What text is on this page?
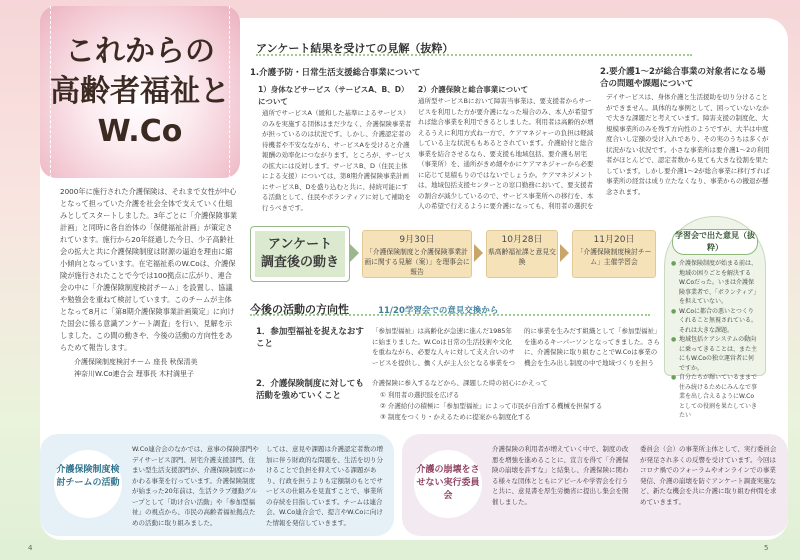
これからの
高齢者福祉と
W.Co
2000年に施行された介護保険は、それまで女性が中心となって担っていた介護を社会全体で支えていく仕組みとしてスタートしました。3年ごとに「介護保険事業計画」と同時に各自治体の「保健福祉計画」が策定されています。施行から20年経過した今日、少子高齢社会の拡大と共に介護保険制度は財源の逼迫を理由に縮小傾向となっています。在宅福祉系のW.Coは、介護保険が施行されたことで今では100拠点に広がり、連合会の中に「介護保険制度検討チーム」を設置し、協議や勉強会を重ねて検討しています。このチームが主体となって8月に「第8期介護保険事業計画策定」に向けた国会に係る意識アンケート調査」を行い、見解を示しました。この間の動きや、今後の活動の方向性をあらためて報告します。
介護保険制度検討チーム 座長 秋保清美
神奈川W.Co連合会 理事長 木村満里子
アンケート結果を受けての見解（抜粋）
1.介護予防・日常生活支援総合事業について
1）身体などサービス（サービスA、B、D）について
通所でサービスA（緩和した基準によるサービス）のみを実施する団体はまだ少なく、介護保険事業者が担っているのは状況です。しかし、介護認定者の待機者や不安なながら、サービスAを受けると介護報酬の効率化につながります。ところが、サービスの拡大には反対します。サービスB、D（住民主体による支援）については、第8期介護保険事業計画にサービスB、Dを盛り込むと共に、持続可能にする活動として、住民やボランティアに対して補助を行うべきです。
2）介護保険と総合事業について
通所型サービスBにおいて障害当事業は、要支援者からサービスを利用した方が要介護になった場合のみ、本人が希望すれば総合事業を利用できるとしました。利用者は高齢的が増えるうえに利用方式ね一方で、ケアマネジャーの負担は軽減している主な状況ももあるとされています。介護給付と総合事業を結合させるなら、要支援も地域包括、要介護も居宅（事業所）を、通所がきめ細やかにケアマネジャーから必要に応じて見積もりのではないでしょうか。ケアマネジメントは、地域包括支援センターとの窓口勤務において、要支援者の割合が減少しているので、サービス事業所への移行を、本人の希望で行えるように要介護になっても、利用者の選択を
2.要介護1〜2が総合事業の対象者になる場合の問題や課題について
デイサービスは、身体介護と生活援助を切り分けることができません。具体的な事例として、困っていないなかで大きな課題だと考えています。障害支援の制度化、大規模事業所のみを残す方向性のようですが、大半は中度度合いし定額の受け入れであり、その実のうちは多くが状況がない状況です。小さな事業所は要介護1〜2の利用者がほとんどで、認定者数から見ても大きな役割を果たしています。しかし要介護1〜2が総合事業に移行すれば事業所の経営は成り立たなくなり、事業からの撤退が懸念されます。
アンケート
調査後の動き
9月30日
「介護保険制度と介護保険事業計画に関する見解（案）」を理事会に報告
10月28日
県高齢福祉課と意見交換
11月20日
「介護保険制度検討チーム」主催学習会
学習会で出た意見（抜粋）
● 介護保険制度が始まる前は、地域の困りごとを解決するW.Coだった。いまは介護保険事業者で、「ボランティア」を担えていない。
● W.Coに都合の悪いとつくりくれること無視されている。それは大きな課題。
● 地域包括ケアシステムの動向に乗ってきることは、また主にもW.Coの独立運営者に何ですか。
● 自分たちが輝いているままで住み続けるためにみんなで事業を出し合えるようにW.Coとしての役割を果たしていきたい
今後の活動の方向性	11/20学習会での意見交換から
1．参加型福祉を捉えなおすこと
「参加型福祉」は高齢化が急速に進んだ1985年に始まりました。W.Coは日常の生活技術や文化を重ねながら、必要な人々に対して支え合いのサービスを提供し、働く人が主人公となる事業をつ
的に事業を生みだす組織として「参加型福祉」を進めるキーパーソンとなってきました。さらに、介護保険に取り組むことでW.Coは事業の機会を生み出し制度の中で地域づくりを担う
2．介護保険制度に対しても活動を強めていくこと
介護保険に参入するなどから、課題した時の初心にかえって
① 利用者の選択肢を広げる
② 介護給付の積極に「参加型福祉」によって市民が自治する機械を担保する
③ 制度をつくり・かえるために提案から制度化する
介護保険制度検討チームの活動
W.Co連合会のなかでは、意事の保険部門やデイサービス部門、居宅介護支援部門、住まい型生活支援部門が、介護保険制度にかかわる事業を行っています。介護保険制度が始まった20年前は、生活クラブ運動グループとして「助け合い活動」や「参加型福祉」の視点から、市民の高齢者福祉拠点ための活動に取り組みました。
しては、意見や課題は介護認定者数の増加に伴う財政的な問題を、生活を切り分けることで負担を抑えている課題があり、行政を担うよりも定額制のもとでサービスの仕組みを見直すことで、事業所の存続を目指しています。チームは連合会、W.Co連合会で、提言やW.Coに向けた情報を発信していきます。
介護の崩壊をさせない実行委員会
介護保険の利用者が増えていく中で、制度の改悪を増強を進めることに、宣言を得て「介護保険の崩壊を許すな」と結集し、介護保険に関わる様々な団体とともにアピールや学習会を行うと共に、意見書を厚生労働省に提出し集会を開催しました。
委員会（会）の事業所主体として、実行委員会が発足され多くの反響を受けています。今回はコロナ禍でのフォーラムやオンラインでの事業発信、介護の崩壊を防ぐアンケート調査実施など、新たな機会を共に介護に取り組む仲間を求めていきます。
4	5
